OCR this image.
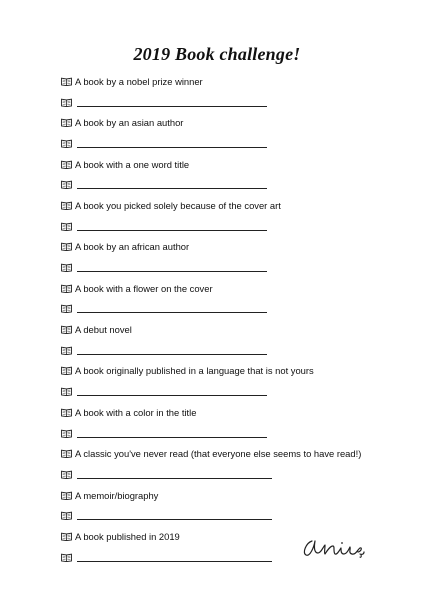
2019 Book challenge!
A book by a nobel prize winner
A book by an asian author
A book with a one word title
A book you picked solely because of the cover art
A book by an african author
A book with a flower on the cover
A debut novel
A book originally published in a language that is not yours
A book with a color in the title
A classic you've never read (that everyone else seems to have read!)
A memoir/biography
A book published in 2019
